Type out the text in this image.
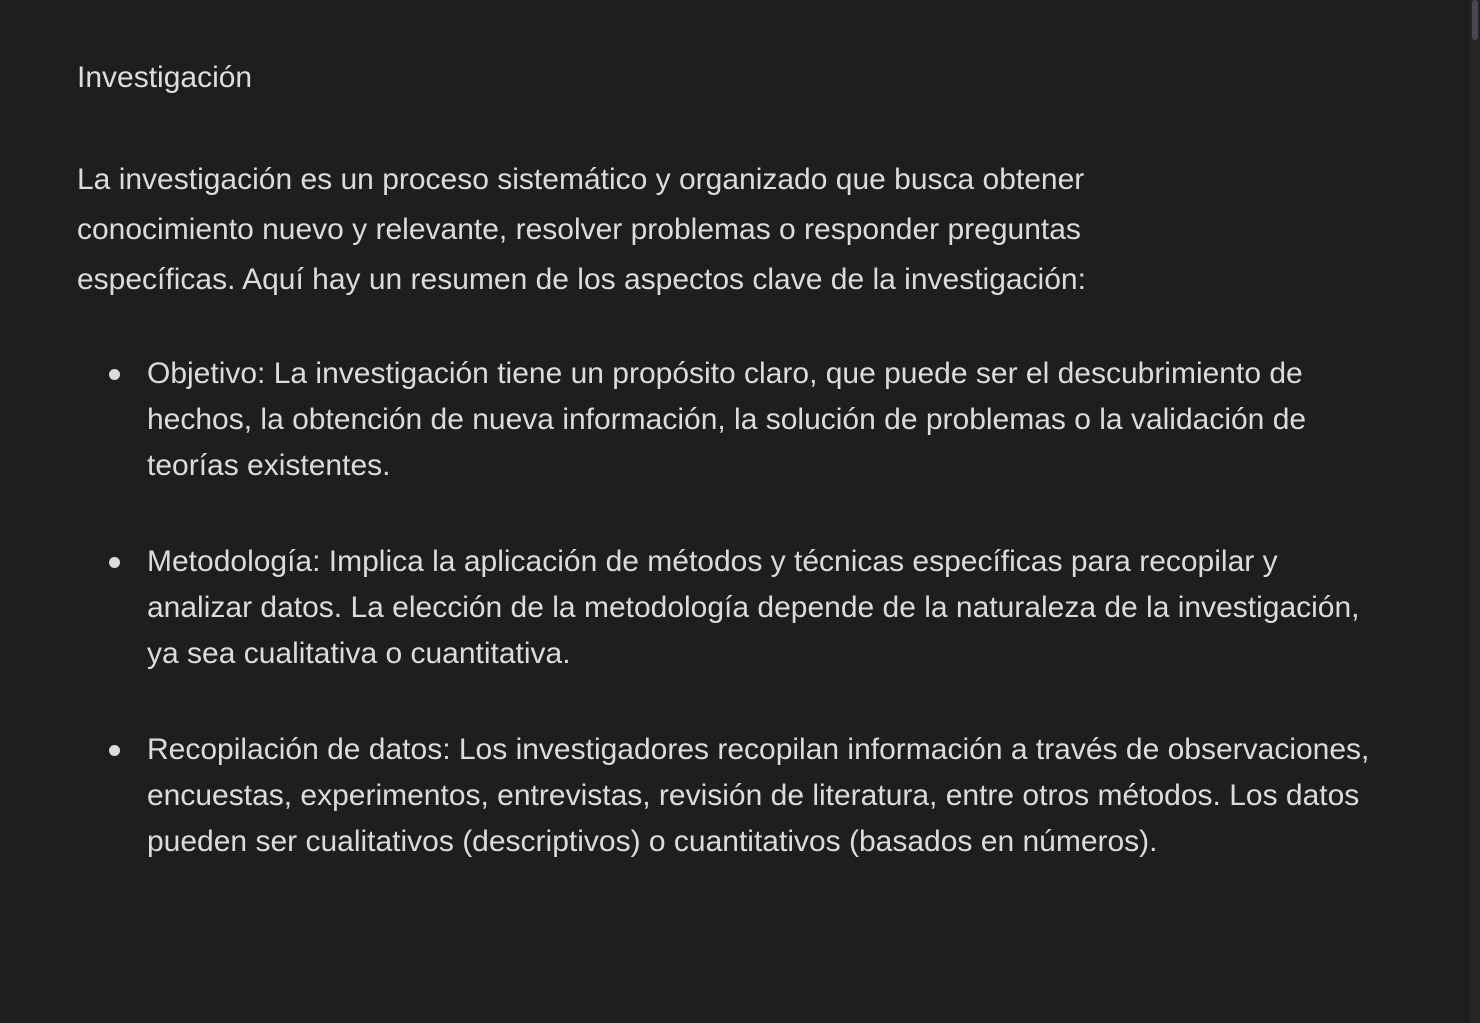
Investigación

La investigación es un proceso sistemático y organizado que busca obtener conocimiento nuevo y relevante, resolver problemas o responder preguntas específicas. Aquí hay un resumen de los aspectos clave de la investigación:

Objetivo: La investigación tiene un propósito claro, que puede ser el descubrimiento de hechos, la obtención de nueva información, la solución de problemas o la validación de teorías existentes.
Metodología: Implica la aplicación de métodos y técnicas específicas para recopilar y analizar datos. La elección de la metodología depende de la naturaleza de la investigación, ya sea cualitativa o cuantitativa.
Recopilación de datos: Los investigadores recopilan información a través de observaciones, encuestas, experimentos, entrevistas, revisión de literatura, entre otros métodos. Los datos pueden ser cualitativos (descriptivos) o cuantitativos (basados en números).
